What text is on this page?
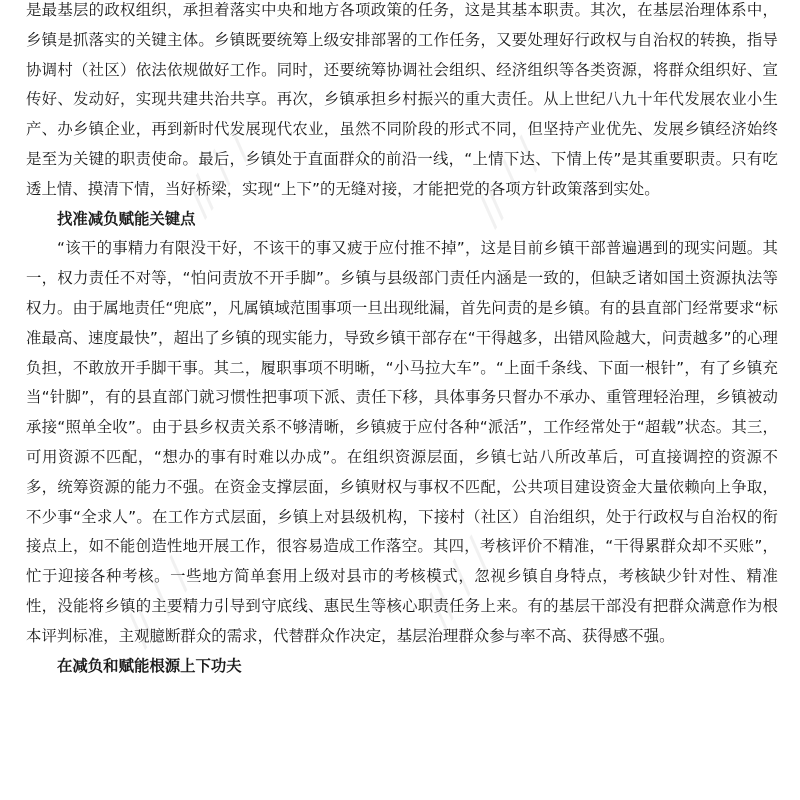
⁄⁄ ⁄ ⁄	⁄⁄ ⁄ ⁄
⁄⁄ ⁄ ⁄
⁄⁄ ⁄ ⁄

是最基层的政权组织，承担着落实中央和地方各项政策的任务，这是其基本职责。其次，在基层治理体系中，乡镇是抓落实的关键主体。乡镇既要统筹上级安排部署的工作任务，又要处理好行政权与自治权的转换，指导协调村（社区）依法依规做好工作。同时，还要统筹协调社会组织、经济组织等各类资源，将群众组织好、宣传好、发动好，实现共建共治共享。再次，乡镇承担乡村振兴的重大责任。从上世纪八九十年代发展农业小生产、办乡镇企业，再到新时代发展现代农业，虽然不同阶段的形式不同，但坚持产业优先、发展乡镇经济始终是至为关键的职责使命。最后，乡镇处于直面群众的前沿一线，“上情下达、下情上传”是其重要职责。只有吃透上情、摸清下情，当好桥梁，实现“上下”的无缝对接，才能把党的各项方针政策落到实处。

找准减负赋能关键点

“该干的事精力有限没干好，不该干的事又疲于应付推不掉”，这是目前乡镇干部普遍遇到的现实问题。其一，权力责任不对等，“怕问责放不开手脚”。乡镇与县级部门责任内涵是一致的，但缺乏诸如国土资源执法等权力。由于属地责任“兜底”，凡属镇域范围事项一旦出现纰漏，首先问责的是乡镇。有的县直部门经常要求“标准最高、速度最快”，超出了乡镇的现实能力，导致乡镇干部存在“干得越多，出错风险越大，问责越多”的心理负担，不敢放开手脚干事。其二，履职事项不明晰，“小马拉大车”。“上面千条线、下面一根针”，有了乡镇充当“针脚”，有的县直部门就习惯性把事项下派、责任下移，具体事务只督办不承办、重管理轻治理，乡镇被动承接“照单全收”。由于县乡权责关系不够清晰，乡镇疲于应付各种“派活”，工作经常处于“超载”状态。其三，可用资源不匹配，“想办的事有时难以办成”。在组织资源层面，乡镇七站八所改革后，可直接调控的资源不多，统筹资源的能力不强。在资金支撑层面，乡镇财权与事权不匹配，公共项目建设资金大量依赖向上争取，不少事“全求人”。在工作方式层面，乡镇上对县级机构，下接村（社区）自治组织，处于行政权与自治权的衔接点上，如不能创造性地开展工作，很容易造成工作落空。其四，考核评价不精准，“干得累群众却不买账”，忙于迎接各种考核。一些地方简单套用上级对县市的考核模式，忽视乡镇自身特点，考核缺少针对性、精准性，没能将乡镇的主要精力引导到守底线、惠民生等核心职责任务上来。有的基层干部没有把群众满意作为根本评判标准，主观臆断群众的需求，代替群众作决定，基层治理群众参与率不高、获得感不强。

在减负和赋能根源上下功夫
